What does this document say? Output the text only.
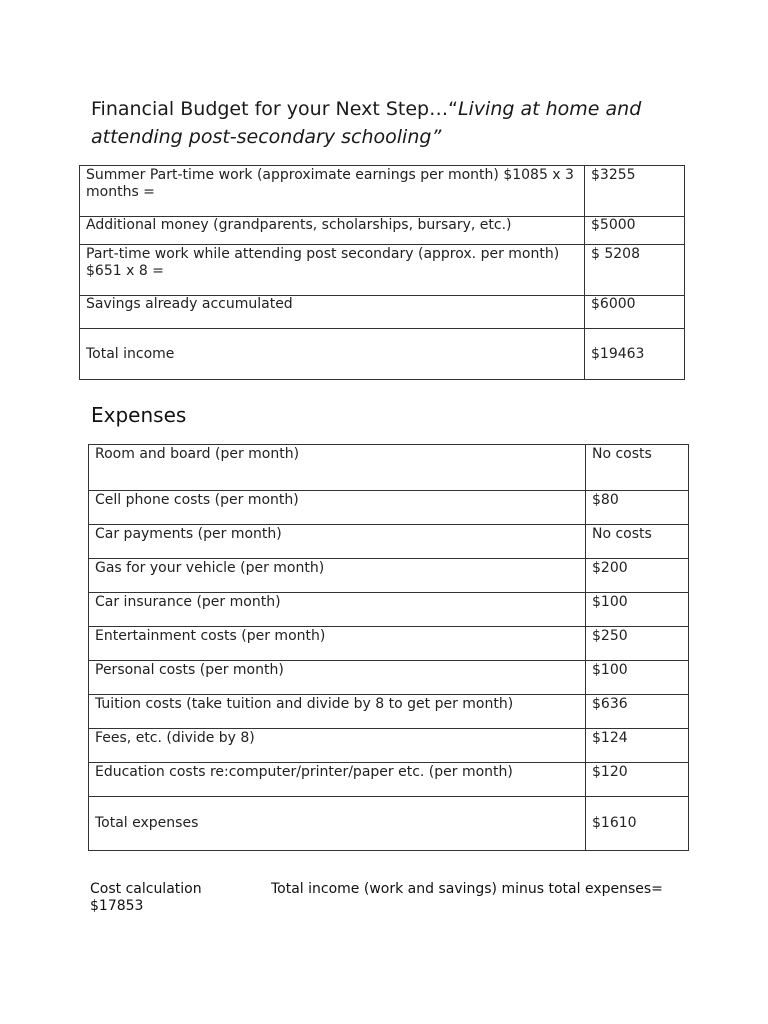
Financial Budget for your Next Step…“Living at home and attending post-secondary schooling”
Summer Part-time work (approximate earnings per month) $1085 x 3 months =	$3255
Additional money (grandparents, scholarships, bursary, etc.)	$5000
Part-time work while attending post secondary (approx. per month) $651 x 8 =	$ 5208
Savings already accumulated	$6000
Total income	$19463
Expenses
Room and board (per month)	No costs
Cell phone costs (per month)	$80
Car payments (per month)	No costs
Gas for your vehicle (per month)	$200
Car insurance (per month)	$100
Entertainment costs (per month)	$250
Personal costs (per month)	$100
Tuition costs (take tuition and divide by 8 to get per month)	$636
Fees, etc. (divide by 8)	$124
Education costs re:computer/printer/paper etc. (per month)	$120
Total expenses	$1610
Cost calculation	Total income (work and savings) minus total expenses=
$17853
